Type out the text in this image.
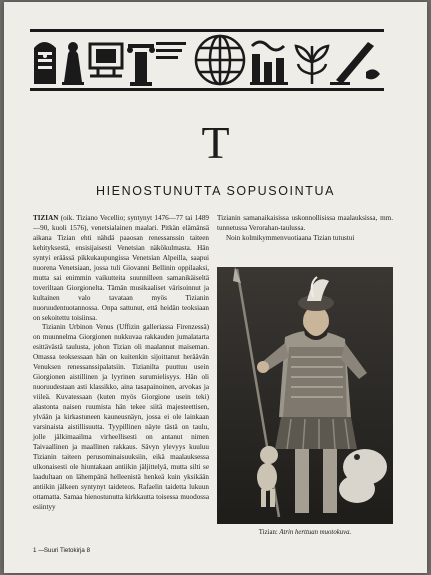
T
HIENOSTUNUTTA SOPUSOINTUA

TIZIAN (oik. Tiziano Vecellio; syntynyt 1476—77 tai 1489—90, kuoli 1576), venetsialainen maalari. Pitkän elämänsä aikana Tizian ehti nähdä paaosan renessanssin taiteen kehityksestä, ensisijaisesti Venetsian näkökulmasta. Hän syntyi eräässä pikkukaupungissa Venetsian Alpeilla, saapui nuorena Venetsiaan, jossa tuli Giovanni Bellinin oppilaaksi, mutta sai enimmin vaikutteita suunnilleen samanikäiseltä toveriltaan Giorgionelta. Tämän musikaaliset värisoinnut ja kultainen valo tavataan myös Tizianin nuoruudentuotannossa. Onpa sattunut, että heidän teoksiaan on sekoitettu toisiinsa.

Tizianin Urbinon Venus (Uffizin galleriassa Firenzessä) on muunnelma Giorgionen nukkuvaa rakkauden jumalatarta esittävästä taulusta, johon Tizian oli maalannut maiseman. Omassa teoksessaan hän on kuitenkin sijoittanut heräävän Venuksen renessanssipalatsiin. Tizianilta puuttuu usein Giorgionen aistillinen ja lyyrinen surumielisyys. Hän oli nuoruudestaan asti klassikko, aina tasapainoinen, arvokas ja viileä. Kuvatessaan (kuten myös Giorgione usein teki) alastonta naisen ruumista hän tekee siitä majesteettisen, ylvään ja kirkastuneen kauneusnäyn, jossa ei ole lainkaan varsinaista aistillisuutta. Tyypillinen näyte tästä on taulu, jolle jälkimaailma virheellisesti on antanut nimen Taivaallinen ja maallinen rakkaus. Sävyn ylevyys kuuluu Tizianin taiteen perusominaisuuksiin, eikä maalauksessa ulkonaisesti ole hiuntakaan antiikin jäljittelyä, mutta silti se laadultaan on lähempänä helleenistä henkeä kuin yksikään antiikin jälkeen syntynyt taideteos. Rafaelin taidetta lukuun ottamatta. Samaa hienostunutta kirkkautta toisessa muodossa esiintyy

Tizianin samanaikaisissa uskonnollisissa maalauksissa, mm. tunnetussa Verorahan-taulussa.

Noin kolmikymmenvuotiaana Tizian tutustui

Tizian: Atrin herttuan muotokuva.
1 — Suuri Tietokirja 8
